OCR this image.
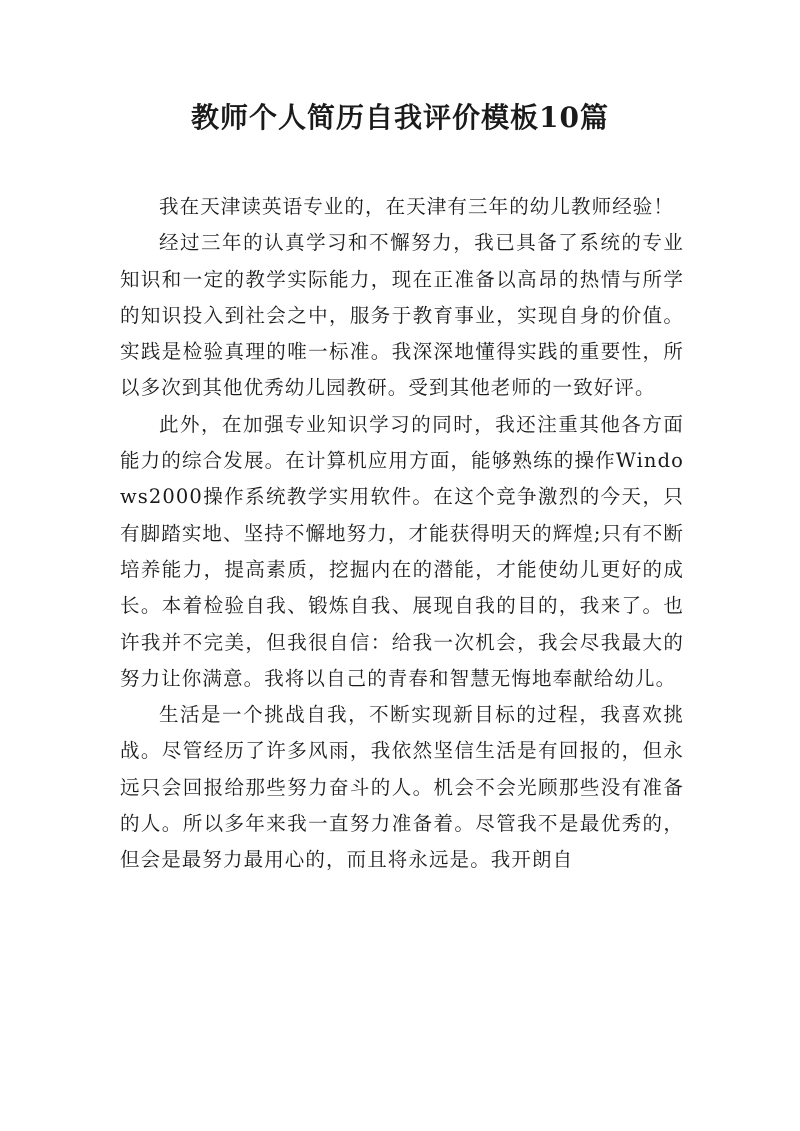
教师个人简历自我评价模板10篇

我在天津读英语专业的，在天津有三年的幼儿教师经验！

经过三年的认真学习和不懈努力，我已具备了系统的专业知识和一定的教学实际能力，现在正准备以高昂的热情与所学的知识投入到社会之中，服务于教育事业，实现自身的价值。实践是检验真理的唯一标准。我深深地懂得实践的重要性，所以多次到其他优秀幼儿园教研。受到其他老师的一致好评。

此外，在加强专业知识学习的同时，我还注重其他各方面能力的综合发展。在计算机应用方面，能够熟练的操作Windows2000操作系统教学实用软件。在这个竞争激烈的今天，只有脚踏实地、坚持不懈地努力，才能获得明天的辉煌;只有不断培养能力，提高素质，挖掘内在的潜能，才能使幼儿更好的成长。本着检验自我、锻炼自我、展现自我的目的，我来了。也许我并不完美，但我很自信：给我一次机会，我会尽我最大的努力让你满意。我将以自己的青春和智慧无悔地奉献给幼儿。

生活是一个挑战自我，不断实现新目标的过程，我喜欢挑战。尽管经历了许多风雨，我依然坚信生活是有回报的，但永远只会回报给那些努力奋斗的人。机会不会光顾那些没有准备的人。所以多年来我一直努力准备着。尽管我不是最优秀的，但会是最努力最用心的，而且将永远是。我开朗自
